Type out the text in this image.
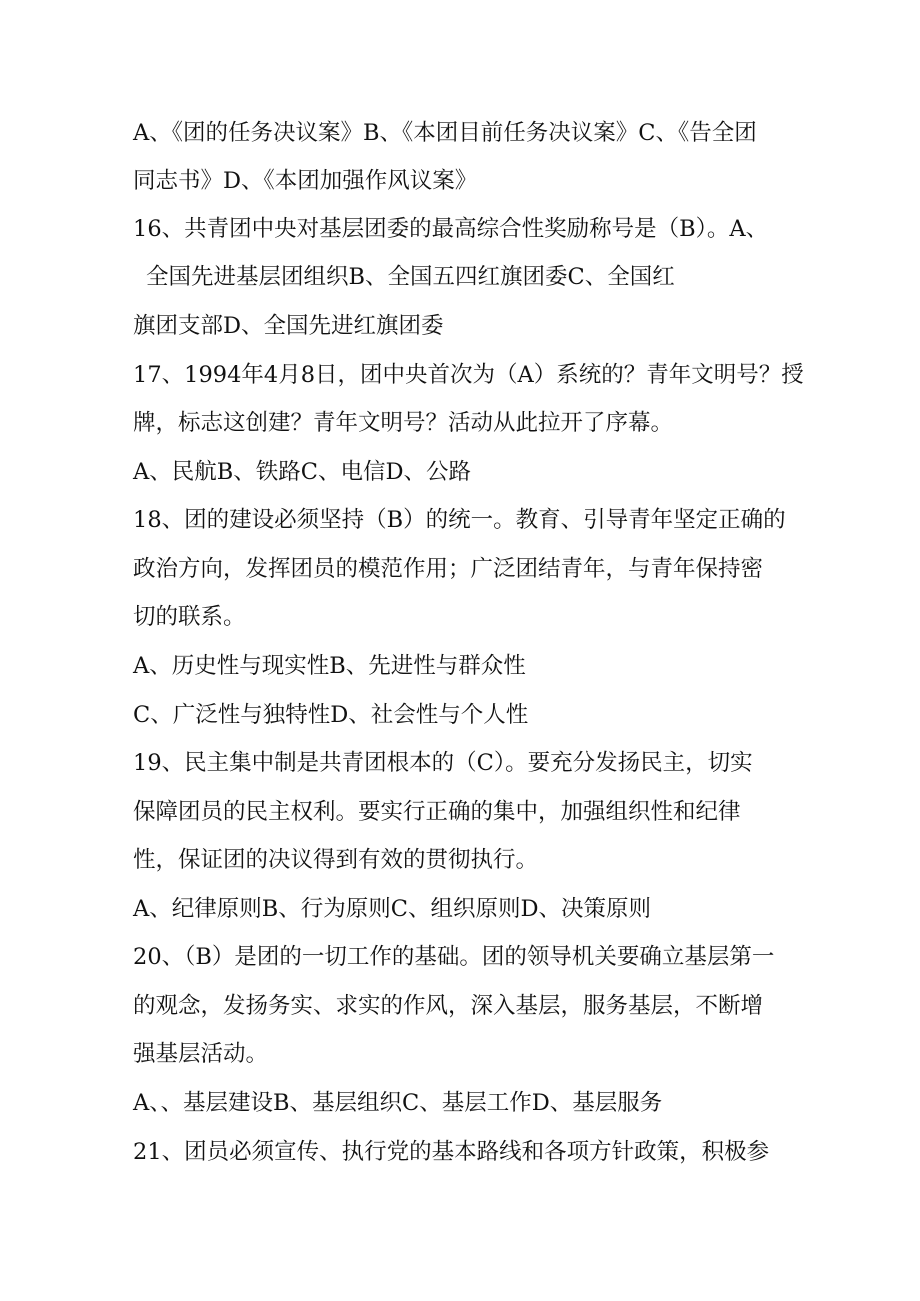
A、《团的任务决议案》B、《本团目前任务决议案》C、《告全团
同志书》D、《本团加强作风议案》
16、共青团中央对基层团委的最高综合性奖励称号是（B）。A、
全国先进基层团组织B、全国五四红旗团委C、全国红
旗团支部D、全国先进红旗团委
17、1994年4月8日，团中央首次为（A）系统的？青年文明号？授
牌，标志这创建？青年文明号？活动从此拉开了序幕。
A、民航B、铁路C、电信D、公路
18、团的建设必须坚持（B）的统一。教育、引导青年坚定正确的
政治方向，发挥团员的模范作用；广泛团结青年，与青年保持密
切的联系。
A、历史性与现实性B、先进性与群众性
C、广泛性与独特性D、社会性与个人性
19、民主集中制是共青团根本的（C）。要充分发扬民主，切实
保障团员的民主权利。要实行正确的集中，加强组织性和纪律
性，保证团的决议得到有效的贯彻执行。
A、纪律原则B、行为原则C、组织原则D、决策原则
20、（B）是团的一切工作的基础。团的领导机关要确立基层第一
的观念，发扬务实、求实的作风，深入基层，服务基层，不断增
强基层活动。
A、、基层建设B、基层组织C、基层工作D、基层服务
21、团员必须宣传、执行党的基本路线和各项方针政策，积极参
